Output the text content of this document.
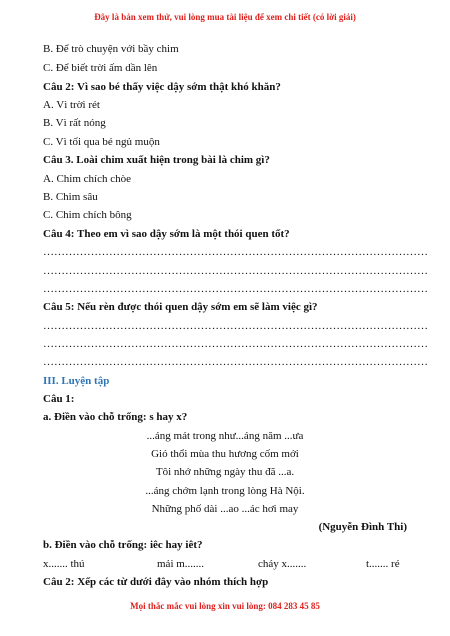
Đây là bản xem thử, vui lòng mua tài liệu để xem chi tiết (có lời giải)
B. Để trò chuyện với bầy chim
C. Để biết trời ấm dần lên
Câu 2: Vì sao bé thấy việc dậy sớm thật khó khăn?
A. Vì trời rét
B. Vì rất nóng
C. Vì tối qua bé ngủ muộn
Câu 3. Loài chim xuất hiện trong bài là chim gì?
A. Chim chích chòe
B. Chim sâu
C. Chim chích bông
Câu 4: Theo em vì sao dậy sớm là một thói quen tốt?
……………………………………………………………………………………………
……………………………………………………………………………………………
……………………………………………………………………………………………
Câu 5: Nếu rèn được thói quen dậy sớm em sẽ làm việc gì?
……………………………………………………………………………………………
……………………………………………………………………………………………
……………………………………………………………………………………………
III. Luyện tập
Câu 1:
a. Điền vào chỗ trống: s hay x?
...áng mát trong như...áng năm ...ưa
Gió thổi mùa thu hương cốm mới
Tôi nhớ những ngày thu đã ...a.
...áng chớm lạnh trong lòng Hà Nội.
Những phố dài ...ao ...ác hơi may
(Nguyễn Đình Thi)
b. Điền vào chỗ trống: iêc hay iêt?
x....... thú	mải m.......	cháy x.......	t....... ré
Câu 2: Xếp các từ dưới đây vào nhóm thích hợp
Mọi thắc mắc vui lòng xin vui lòng: 084 283 45 85
